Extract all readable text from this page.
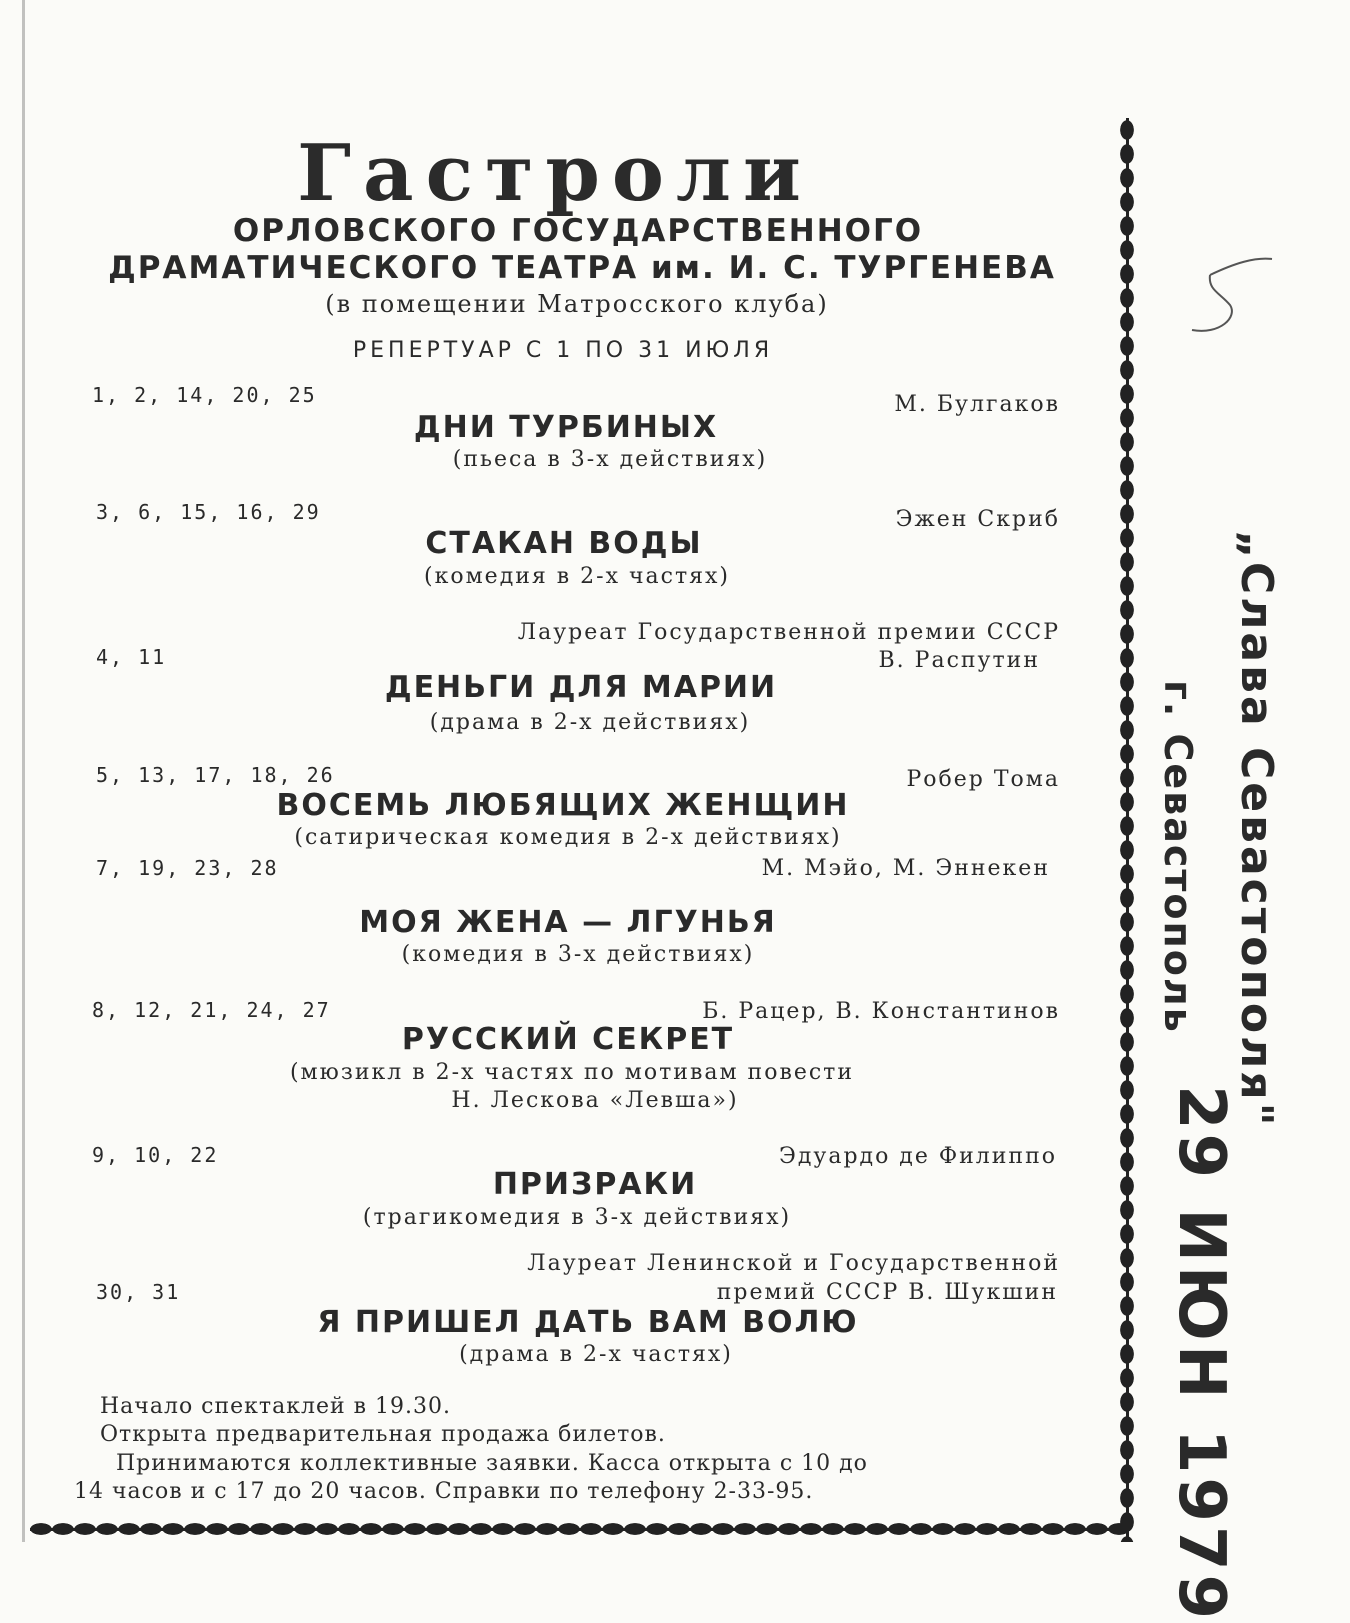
Гастроли
ОРЛОВСКОГО ГОСУДАРСТВЕННОГО
ДРАМАТИЧЕСКОГО ТЕАТРА им. И. С. ТУРГЕНЕВА
(в помещении Матросского клуба)
РЕПЕРТУАР С 1 ПО 31 ИЮЛЯ
1, 2, 14, 20, 25	М. Булгаков
ДНИ ТУРБИНЫХ
(пьеса в 3-х действиях)
3, 6, 15, 16, 29	Эжен Скриб
СТАКАН ВОДЫ
(комедия в 2-х частях)
Лауреат Государственной премии СССР
4, 11	В. Распутин
ДЕНЬГИ ДЛЯ МАРИИ
(драма в 2-х действиях)
5, 13, 17, 18, 26	Робер Тома
ВОСЕМЬ ЛЮБЯЩИХ ЖЕНЩИН
(сатирическая комедия в 2-х действиях)
7, 19, 23, 28	М. Мэйо, М. Эннекен
МОЯ ЖЕНА — ЛГУНЬЯ
(комедия в 3-х действиях)
8, 12, 21, 24, 27	Б. Рацер, В. Константинов
РУССКИЙ СЕКРЕТ
(мюзикл в 2-х частях по мотивам повести
Н. Лескова «Левша»)
9, 10, 22	Эдуардо де Филиппо
ПРИЗРАКИ
(трагикомедия в 3-х действиях)
Лауреат Ленинской и Государственной
30, 31	премий СССР В. Шукшин
Я ПРИШЕЛ ДАТЬ ВАМ ВОЛЮ
(драма в 2-х частях)
Начало спектаклей в 19.30.
Открыта предварительная продажа билетов.
Принимаются коллективные заявки. Касса открыта с 10 до
14 часов и с 17 до 20 часов. Справки по телефону 2-33-95.
„Слава Севастополя"
г. Севастополь
29 ИЮН 1979
